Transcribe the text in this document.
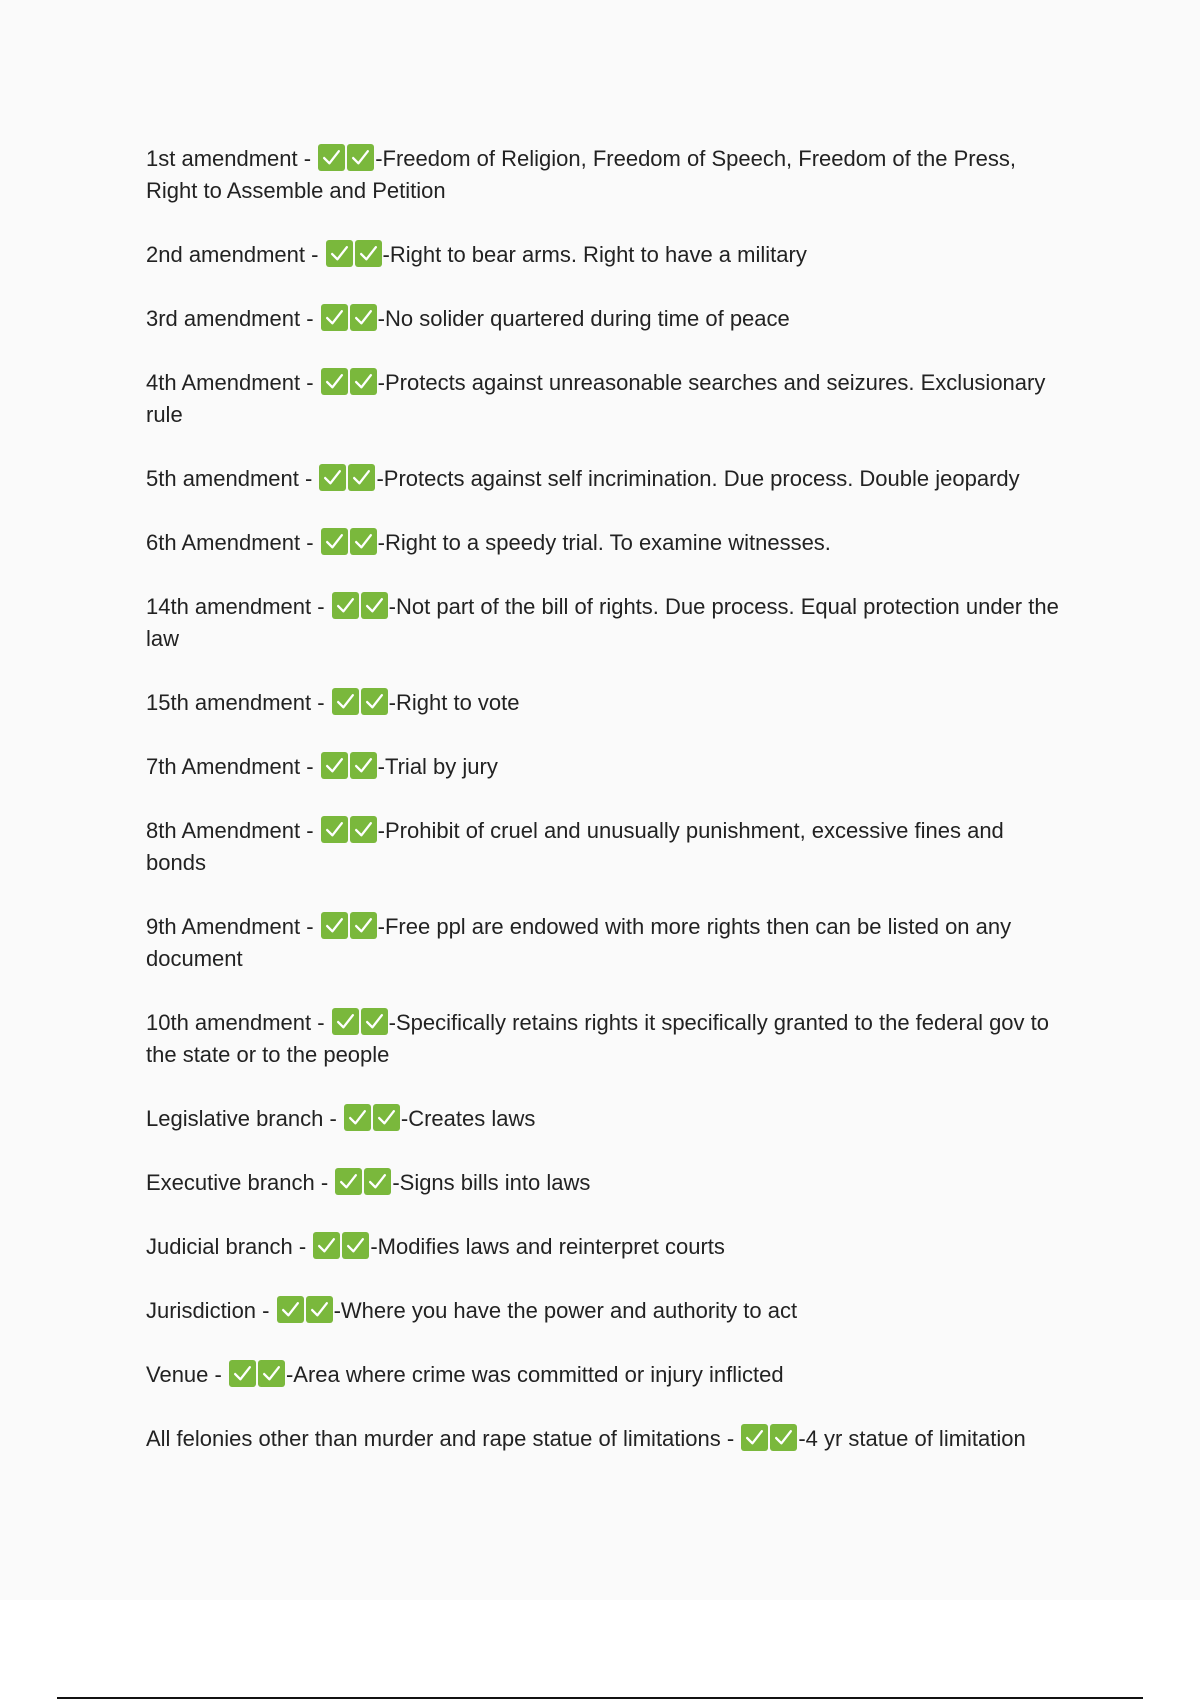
1st amendment -	-Freedom of Religion, Freedom of Speech, Freedom of the Press, Right to Assemble and Petition
2nd amendment -	-Right to bear arms. Right to have a military
3rd amendment -	-No solider quartered during time of peace
4th Amendment -	-Protects against unreasonable searches and seizures. Exclusionary rule
5th amendment -	-Protects against self incrimination. Due process. Double jeopardy
6th Amendment -	-Right to a speedy trial. To examine witnesses.
14th amendment -	-Not part of the bill of rights. Due process. Equal protection under the law
15th amendment -	-Right to vote
7th Amendment -	-Trial by jury
8th Amendment -	-Prohibit of cruel and unusually punishment, excessive fines and bonds
9th Amendment -	-Free ppl are endowed with more rights then can be listed on any document
10th amendment -	-Specifically retains rights it specifically granted to the federal gov to the state or to the people
Legislative branch -	-Creates laws
Executive branch -	-Signs bills into laws
Judicial branch -	-Modifies laws and reinterpret courts
Jurisdiction -	-Where you have the power and authority to act
Venue -	-Area where crime was committed or injury inflicted
All felonies other than murder and rape statue of limitations -	-4 yr statue of limitation
